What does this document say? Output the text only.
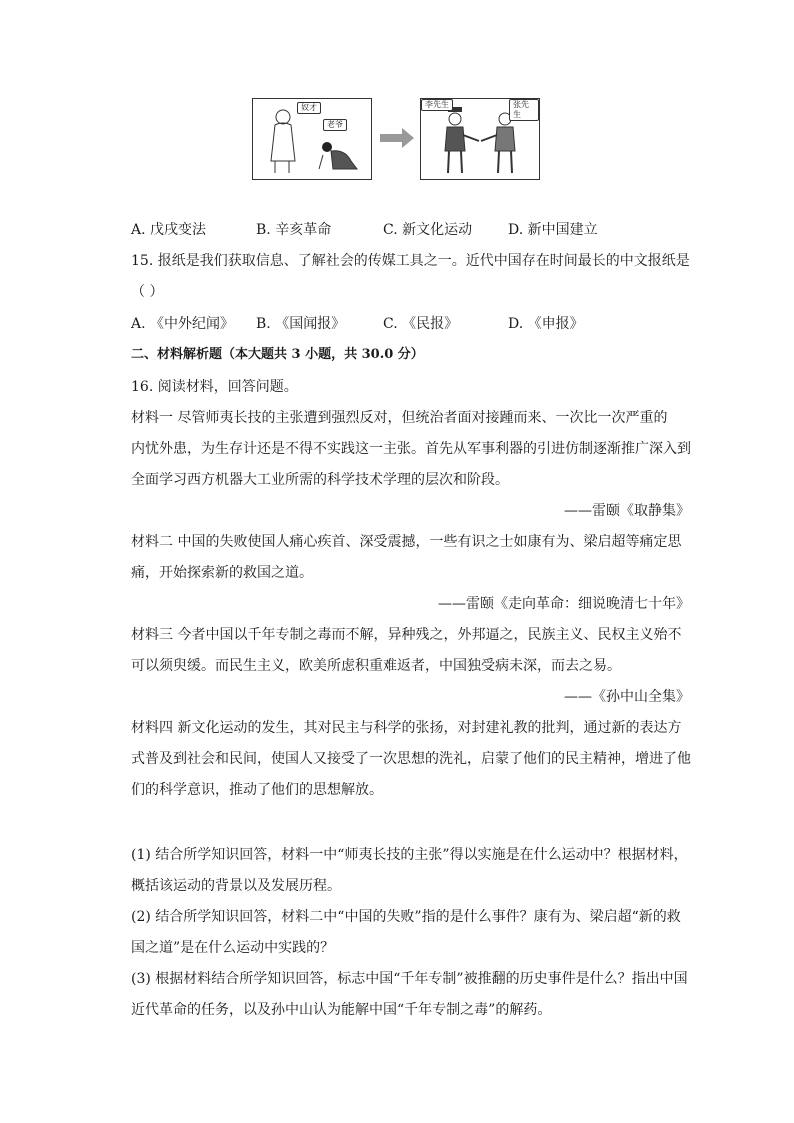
奴才
老爷
李先生	张先生
A. 戊戌变法	B. 辛亥革命	C. 新文化运动	D. 新中国建立
15. 报纸是我们获取信息、了解社会的传媒工具之一。近代中国存在时间最长的中文报纸是
（ ）
A. 《中外纪闻》 B. 《国闻报》	C. 《民报》	D. 《申报》
二、材料解析题（本大题共 3 小题，共 30.0 分）
16. 阅读材料，回答问题。
材料一 尽管师夷长技的主张遭到强烈反对，但统治者面对接踵而来、一次比一次严重的
内忧外患，为生存计还是不得不实践这一主张。首先从军事利器的引进仿制逐渐推广深入到
全面学习西方机器大工业所需的科学技术学理的层次和阶段。
——雷颐《取静集》
材料二 中国的失败使国人痛心疾首、深受震撼，一些有识之士如康有为、梁启超等痛定思
痛，开始探索新的救国之道。
——雷颐《走向革命：细说晚清七十年》
材料三 今者中国以千年专制之毒而不解，异种残之，外邦逼之，民族主义、民权主义殆不
可以须臾缓。而民生主义，欧美所虑积重难返者，中国独受病未深，而去之易。
——《孙中山全集》
材料四 新文化运动的发生，其对民主与科学的张扬，对封建礼教的批判，通过新的表达方
式普及到社会和民间，使国人又接受了一次思想的洗礼，启蒙了他们的民主精神，增进了他
们的科学意识，推动了他们的思想解放。
(1) 结合所学知识回答，材料一中“师夷长技的主张”得以实施是在什么运动中？根据材料，
概括该运动的背景以及发展历程。
(2) 结合所学知识回答，材料二中“中国的失败”指的是什么事件？康有为、梁启超“新的救
国之道”是在什么运动中实践的？
(3) 根据材料结合所学知识回答，标志中国“千年专制”被推翻的历史事件是什么？指出中国
近代革命的任务，以及孙中山认为能解中国“千年专制之毒”的解药。
